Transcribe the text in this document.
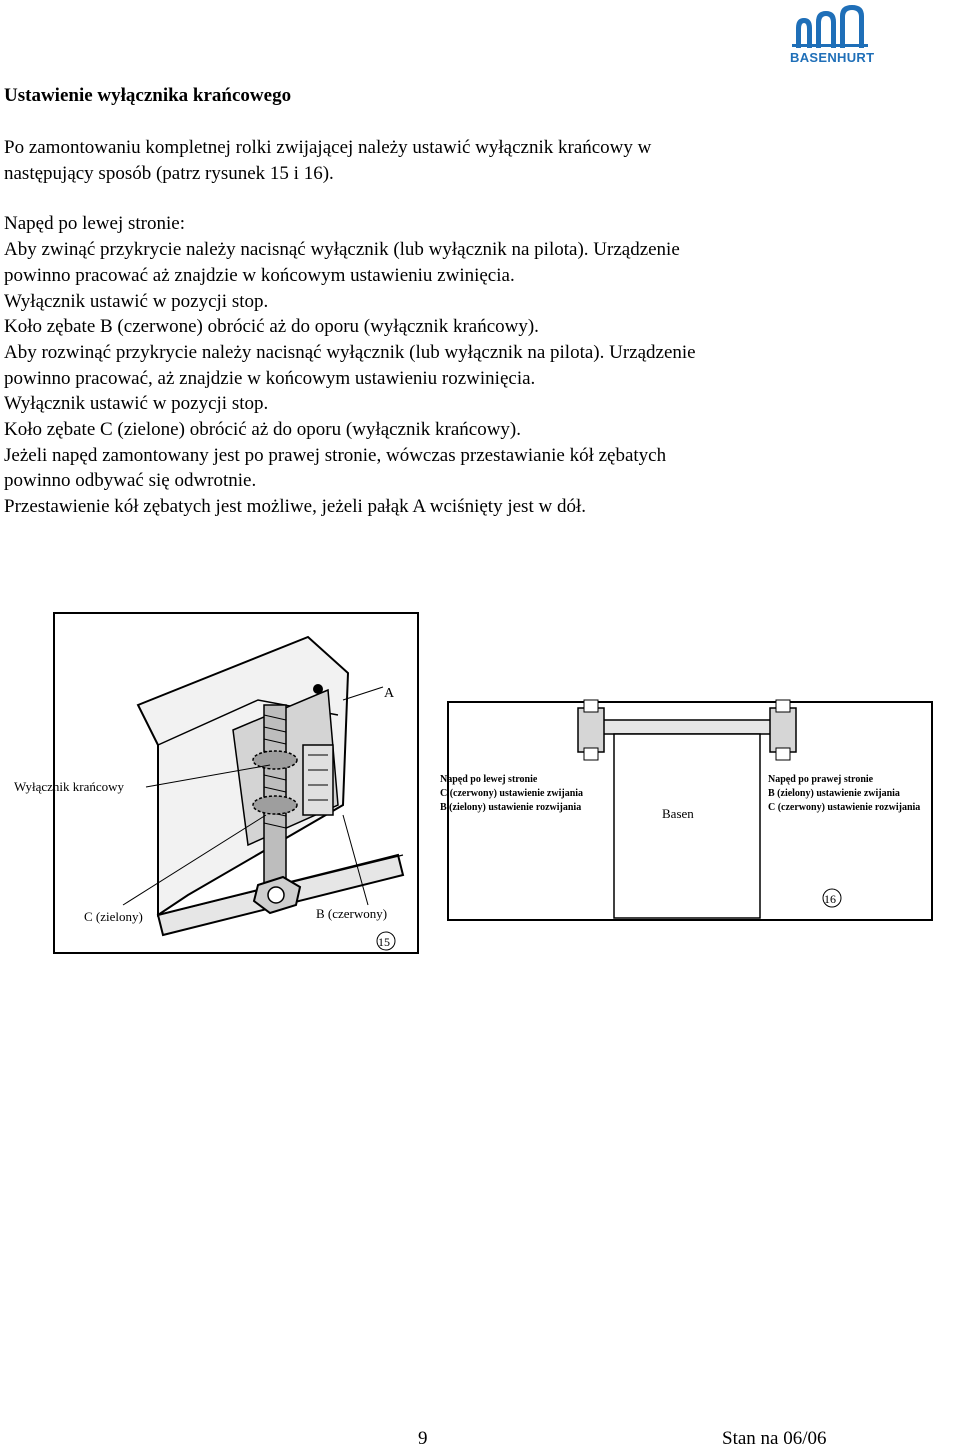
BASENHURT
Ustawienie wyłącznika krańcowego

Po zamontowaniu kompletnej rolki zwijającej należy ustawić wyłącznik krańcowy w

następujący sposób (patrz rysunek 15 i 16).

Napęd po lewej stronie:

Aby zwinąć przykrycie należy nacisnąć wyłącznik (lub wyłącznik na pilota). Urządzenie

powinno pracować aż znajdzie w końcowym ustawieniu zwinięcia.

Wyłącznik ustawić w pozycji stop.

Koło zębate B (czerwone) obrócić aż do oporu (wyłącznik krańcowy).

Aby rozwinąć przykrycie należy nacisnąć wyłącznik (lub wyłącznik na pilota). Urządzenie

powinno pracować, aż znajdzie w końcowym ustawieniu rozwinięcia.

Wyłącznik ustawić w pozycji stop.

Koło zębate C (zielone) obrócić aż do oporu (wyłącznik krańcowy).

Jeżeli napęd zamontowany jest po prawej stronie, wówczas przestawianie kół zębatych

powinno odbywać się odwrotnie.

Przestawienie kół zębatych jest możliwe, jeżeli pałąk A wciśnięty jest w dół.

Wyłącznik krańcowy
A
B (czerwony)
C (zielony)
15
Basen
Napęd po lewej stronie
C (czerwony) ustawienie zwijania
B (zielony) ustawienie rozwijania
Napęd po prawej stronie
B (zielony) ustawienie zwijania
C (czerwony) ustawienie rozwijania
16
9	Stan na 06/06
